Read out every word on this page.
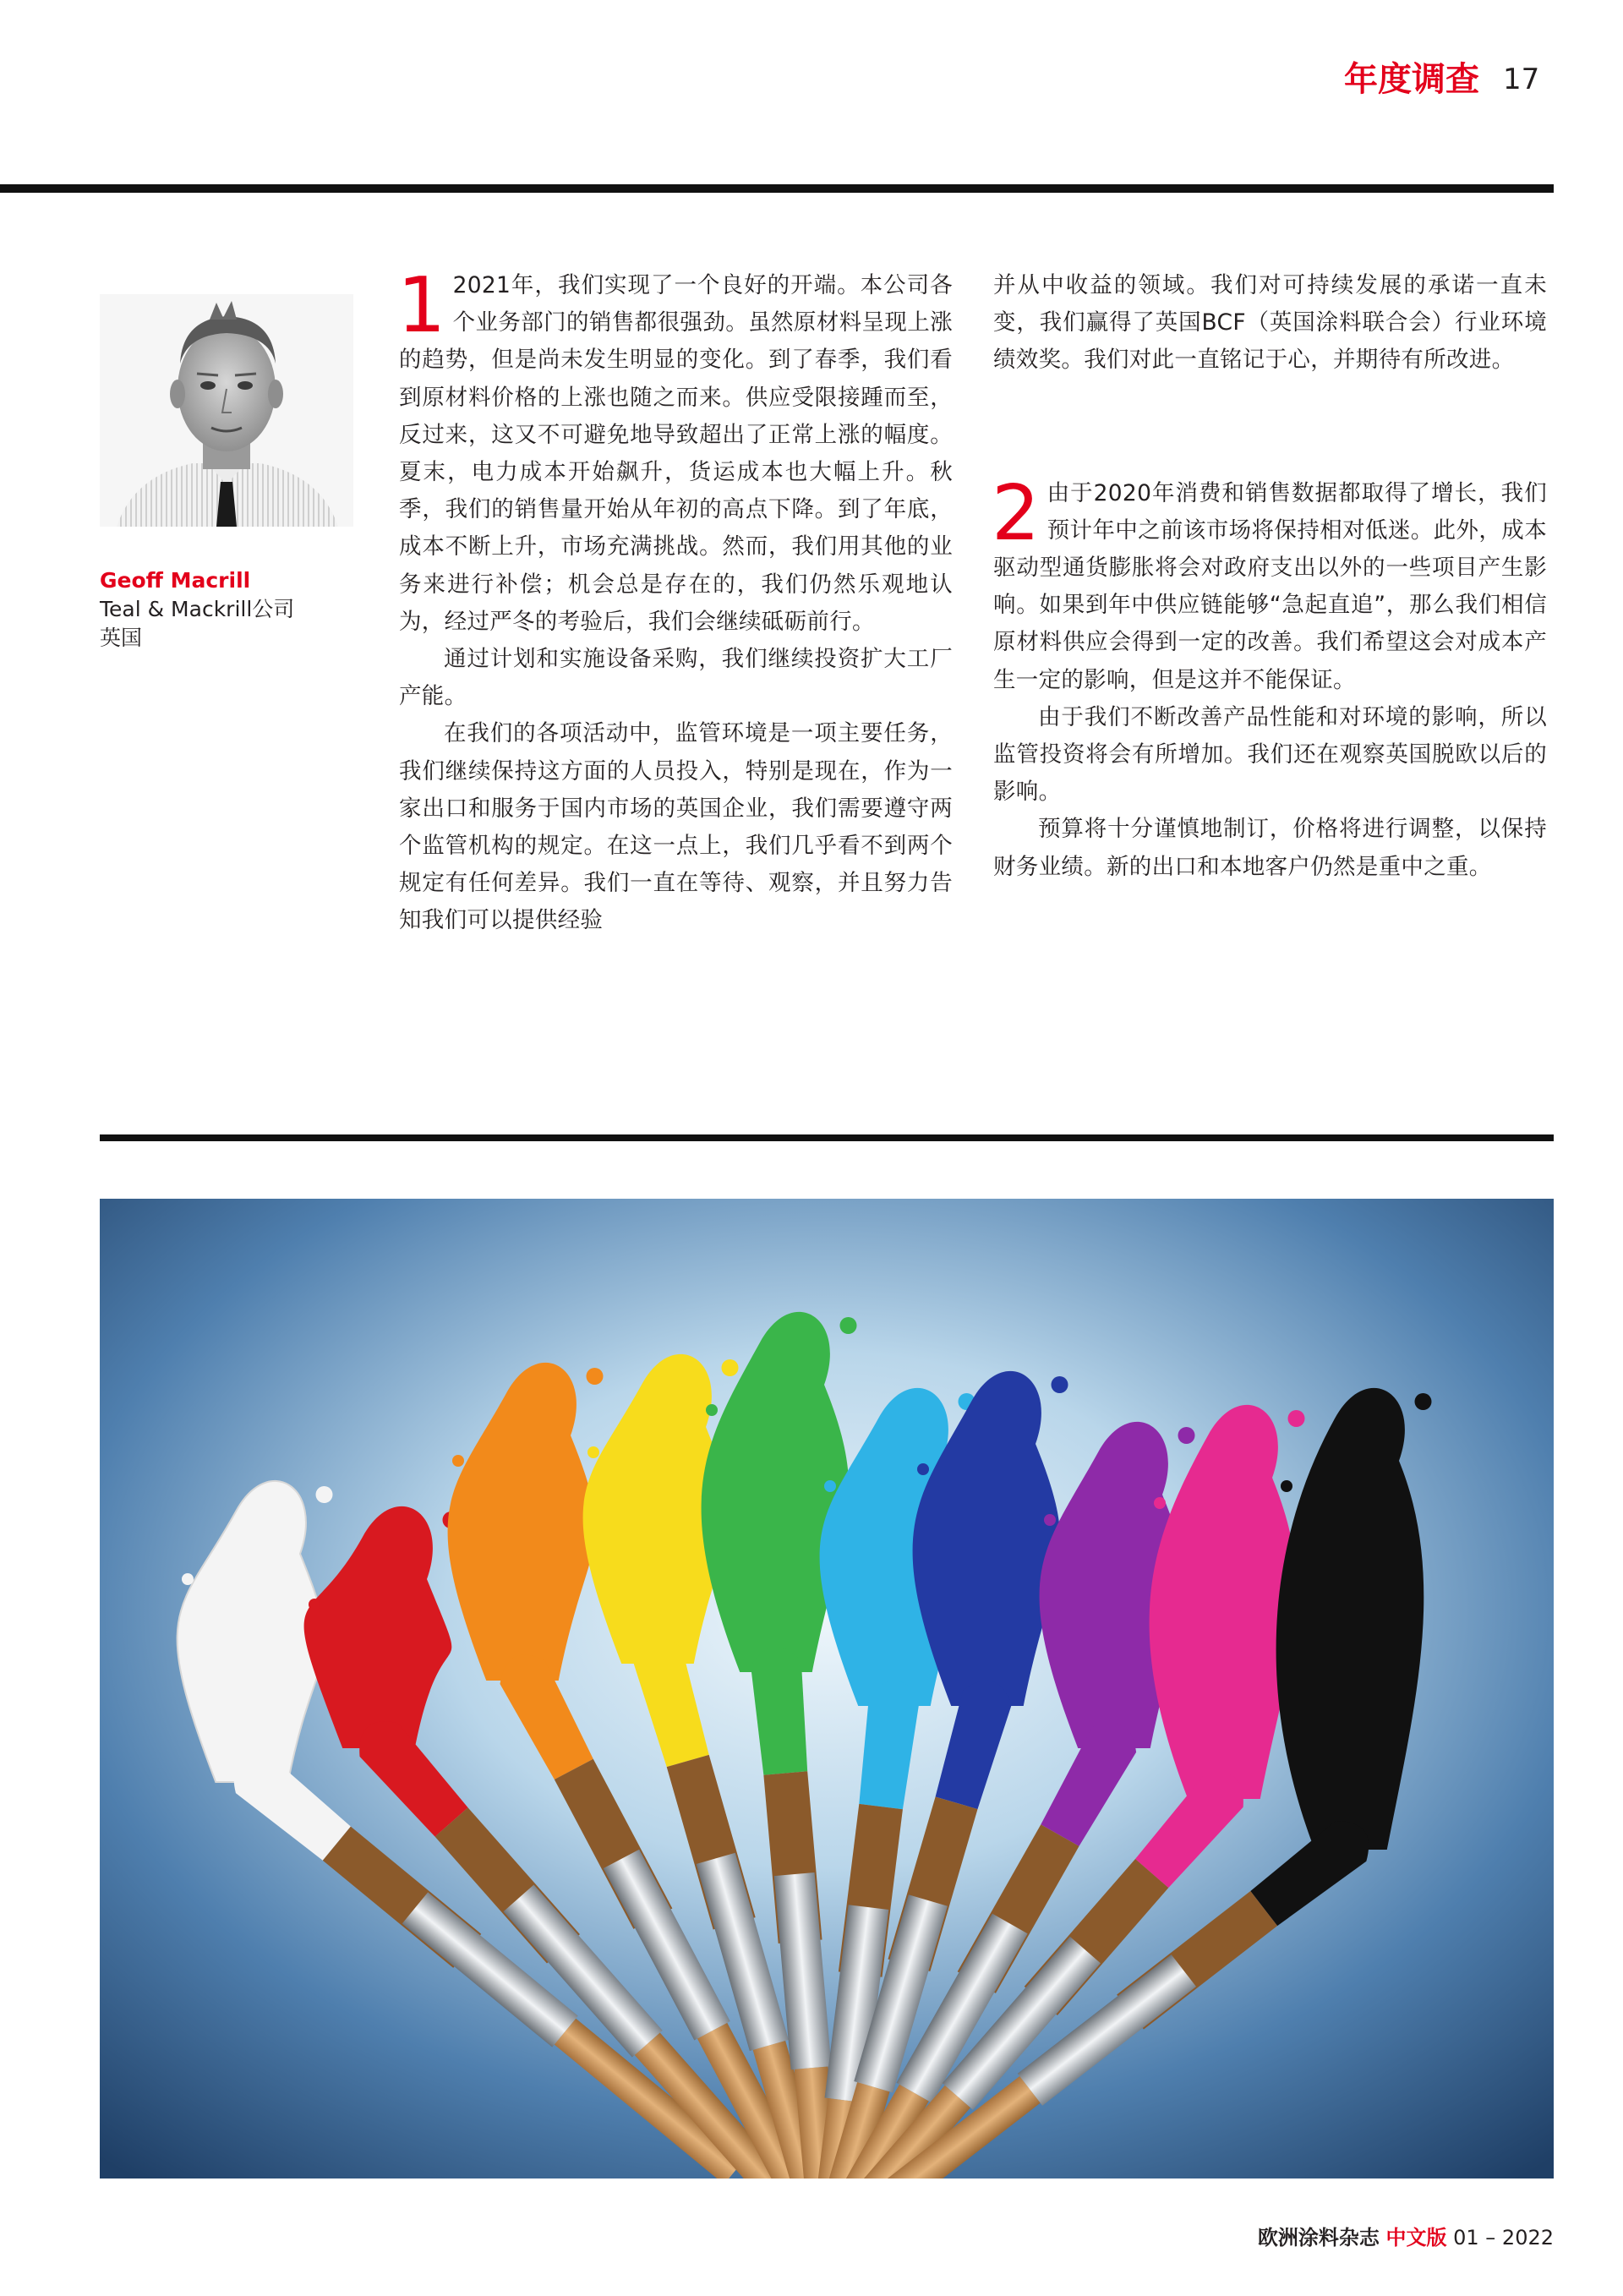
年度调查 17
Geoff Macrill
Teal & Mackrill公司
英国

1 2021年，我们实现了一个良好的开端。本公司各个业务部门的销售都很强劲。虽然原材料呈现上涨的趋势，但是尚未发生明显的变化。到了春季，我们看到原材料价格的上涨也随之而来。供应受限接踵而至，反过来，这又不可避免地导致超出了正常上涨的幅度。夏末，电力成本开始飙升，货运成本也大幅上升。秋季，我们的销售量开始从年初的高点下降。到了年底，成本不断上升，市场充满挑战。然而，我们用其他的业务来进行补偿；机会总是存在的，我们仍然乐观地认为，经过严冬的考验后，我们会继续砥砺前行。

通过计划和实施设备采购，我们继续投资扩大工厂产能。

在我们的各项活动中，监管环境是一项主要任务，我们继续保持这方面的人员投入，特别是现在，作为一家出口和服务于国内市场的英国企业，我们需要遵守两个监管机构的规定。在这一点上，我们几乎看不到两个规定有任何差异。我们一直在等待、观察，并且努力告知我们可以提供经验

并从中收益的领域。我们对可持续发展的承诺一直未变，我们赢得了英国BCF（英国涂料联合会）行业环境绩效奖。我们对此一直铭记于心，并期待有所改进。

2 由于2020年消费和销售数据都取得了增长，我们预计年中之前该市场将保持相对低迷。此外，成本驱动型通货膨胀将会对政府支出以外的一些项目产生影响。如果到年中供应链能够“急起直追”，那么我们相信原材料供应会得到一定的改善。我们希望这会对成本产生一定的影响，但是这并不能保证。

由于我们不断改善产品性能和对环境的影响，所以监管投资将会有所增加。我们还在观察英国脱欧以后的影响。

预算将十分谨慎地制订，价格将进行调整，以保持财务业绩。新的出口和本地客户仍然是重中之重。

欧洲涂料杂志 中文版 01 – 2022
